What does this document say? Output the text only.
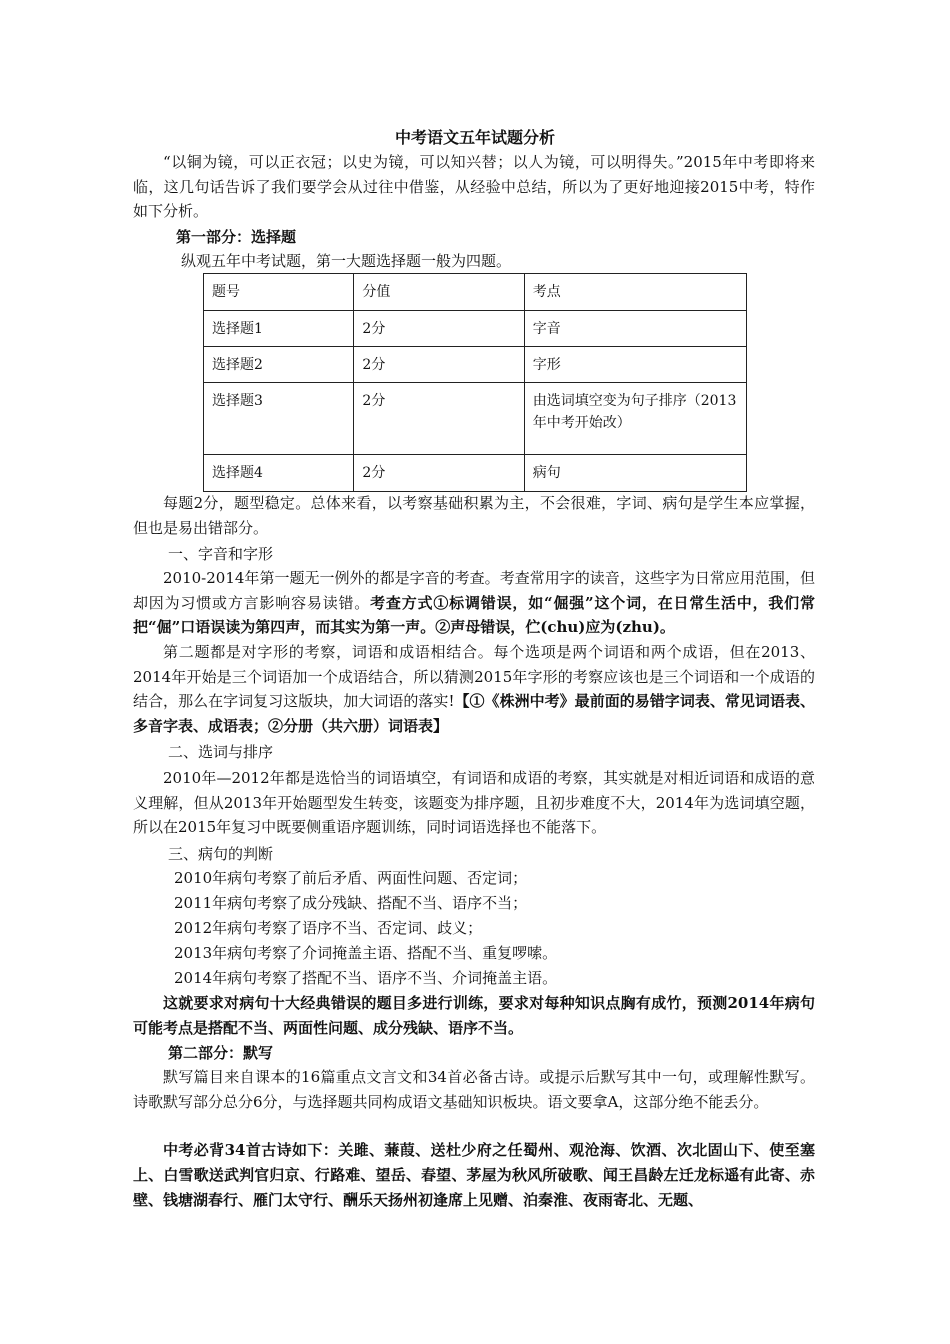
中考语文五年试题分析

“以铜为镜，可以正衣冠；以史为镜，可以知兴替；以人为镜，可以明得失。”2015年中考即将来临，这几句话告诉了我们要学会从过往中借鉴，从经验中总结，所以为了更好地迎接2015中考，特作如下分析。

第一部分：选择题
纵观五年中考试题，第一大题选择题一般为四题。
题号	分值	考点
选择题1	2分	字音
选择题2	2分	字形
选择题3	2分	由选词填空变为句子排序（2013年中考开始改）
选择题4	2分	病句

每题2分，题型稳定。总体来看，以考察基础积累为主，不会很难，字词、病句是学生本应掌握，但也是易出错部分。

一、字音和字形

2010-2014年第一题无一例外的都是字音的考查。考查常用字的读音，这些字为日常应用范围，但却因为习惯或方言影响容易读错。考查方式①标调错误，如“倔强”这个词，在日常生活中，我们常把“倔”口语误读为第四声，而其实为第一声。②声母错误，伫(chu)应为(zhu)。

第二题都是对字形的考察，词语和成语相结合。每个选项是两个词语和两个成语，但在2013、2014年开始是三个词语加一个成语结合，所以猜测2015年字形的考察应该也是三个词语和一个成语的结合，那么在字词复习这版块，加大词语的落实!【①《株洲中考》最前面的易错字词表、常见词语表、多音字表、成语表；②分册（共六册）词语表】

二、选词与排序

2010年—2012年都是选恰当的词语填空，有词语和成语的考察，其实就是对相近词语和成语的意义理解，但从2013年开始题型发生转变，该题变为排序题，且初步难度不大，2014年为选词填空题，所以在2015年复习中既要侧重语序题训练，同时词语选择也不能落下。

三、病句的判断
2010年病句考察了前后矛盾、两面性问题、否定词；
2011年病句考察了成分残缺、搭配不当、语序不当；
2012年病句考察了语序不当、否定词、歧义；
2013年病句考察了介词掩盖主语、搭配不当、重复啰嗦。
2014年病句考察了搭配不当、语序不当、介词掩盖主语。

这就要求对病句十大经典错误的题目多进行训练，要求对每种知识点胸有成竹，预测2014年病句可能考点是搭配不当、两面性问题、成分残缺、语序不当。

第二部分：默写

默写篇目来自课本的16篇重点文言文和34首必备古诗。或提示后默写其中一句，或理解性默写。诗歌默写部分总分6分，与选择题共同构成语文基础知识板块。语文要拿A，这部分绝不能丢分。

中考必背34首古诗如下：关雎、蒹葭、送杜少府之任蜀州、观沧海、饮酒、次北固山下、使至塞上、白雪歌送武判官归京、行路难、望岳、春望、茅屋为秋风所破歌、闻王昌龄左迁龙标遥有此寄、赤壁、钱塘湖春行、雁门太守行、酬乐天扬州初逢席上见赠、泊秦淮、夜雨寄北、无题、
